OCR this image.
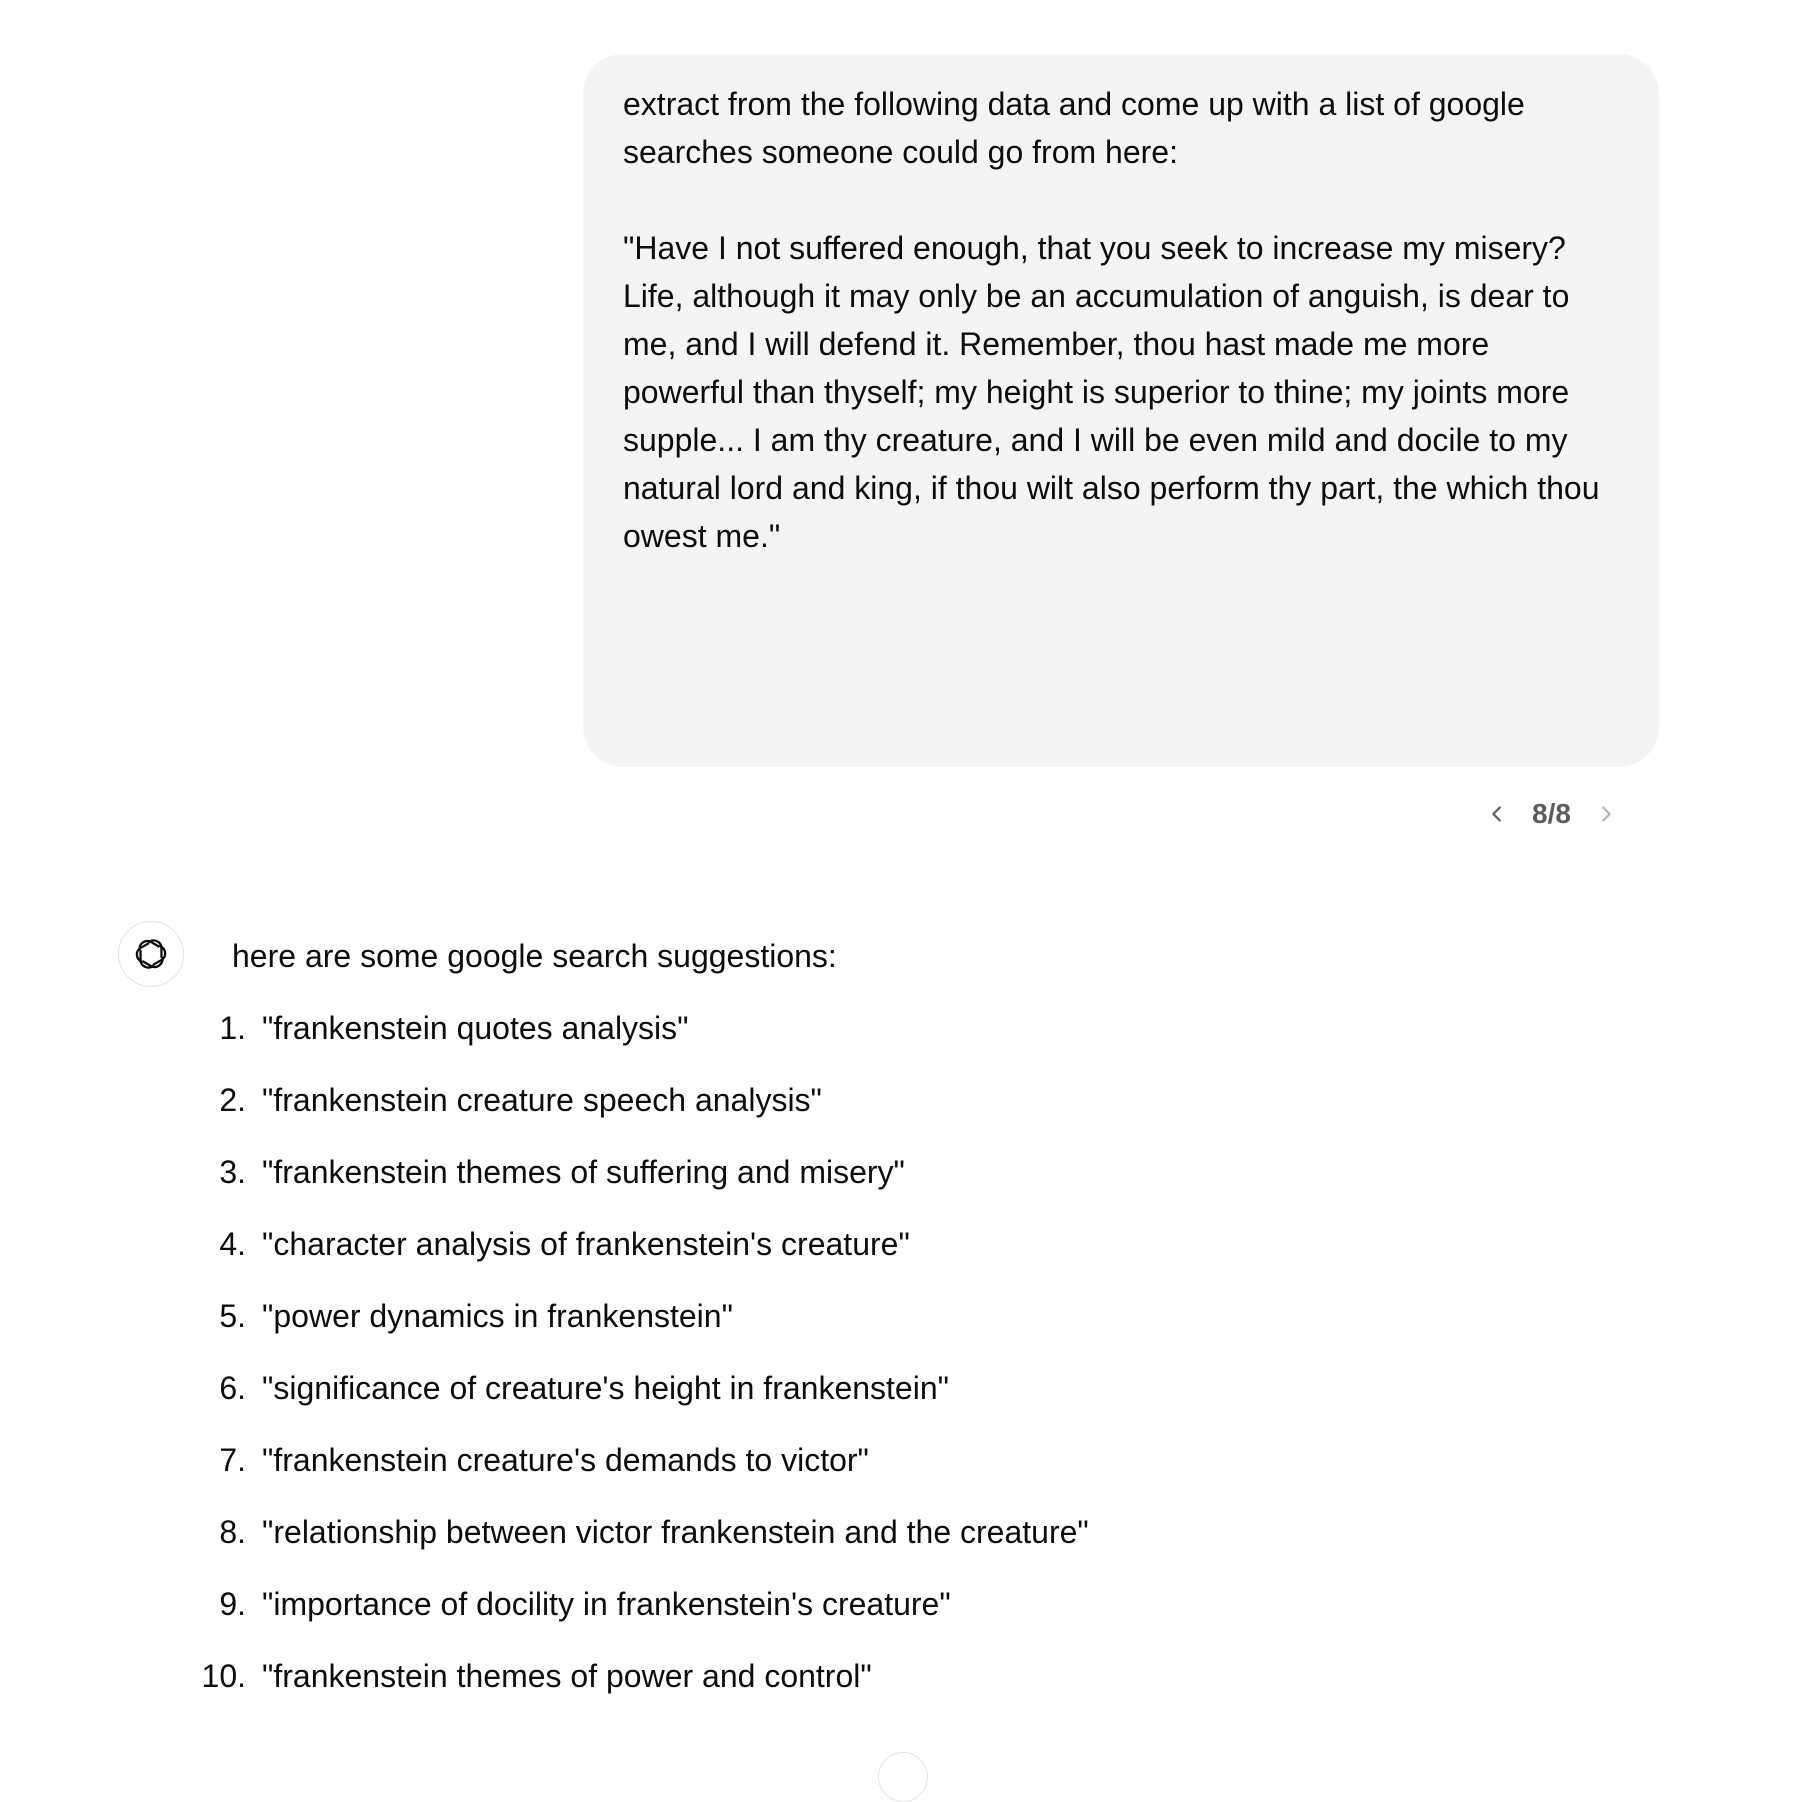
extract from the following data and come up with a list of google searches someone could go from here:

"Have I not suffered enough, that you seek to increase my misery? Life, although it may only be an accumulation of anguish, is dear to me, and I will defend it. Remember, thou hast made me more powerful than thyself; my height is superior to thine; my joints more supple... I am thy creature, and I will be even mild and docile to my natural lord and king, if thou wilt also perform thy part, the which thou owest me."

8/8

here are some google search suggestions:

1. "frankenstein quotes analysis"
2. "frankenstein creature speech analysis"
3. "frankenstein themes of suffering and misery"
4. "character analysis of frankenstein's creature"
5. "power dynamics in frankenstein"
6. "significance of creature's height in frankenstein"
7. "frankenstein creature's demands to victor"
8. "relationship between victor frankenstein and the creature"
9. "importance of docility in frankenstein's creature"
10. "frankenstein themes of power and control"
